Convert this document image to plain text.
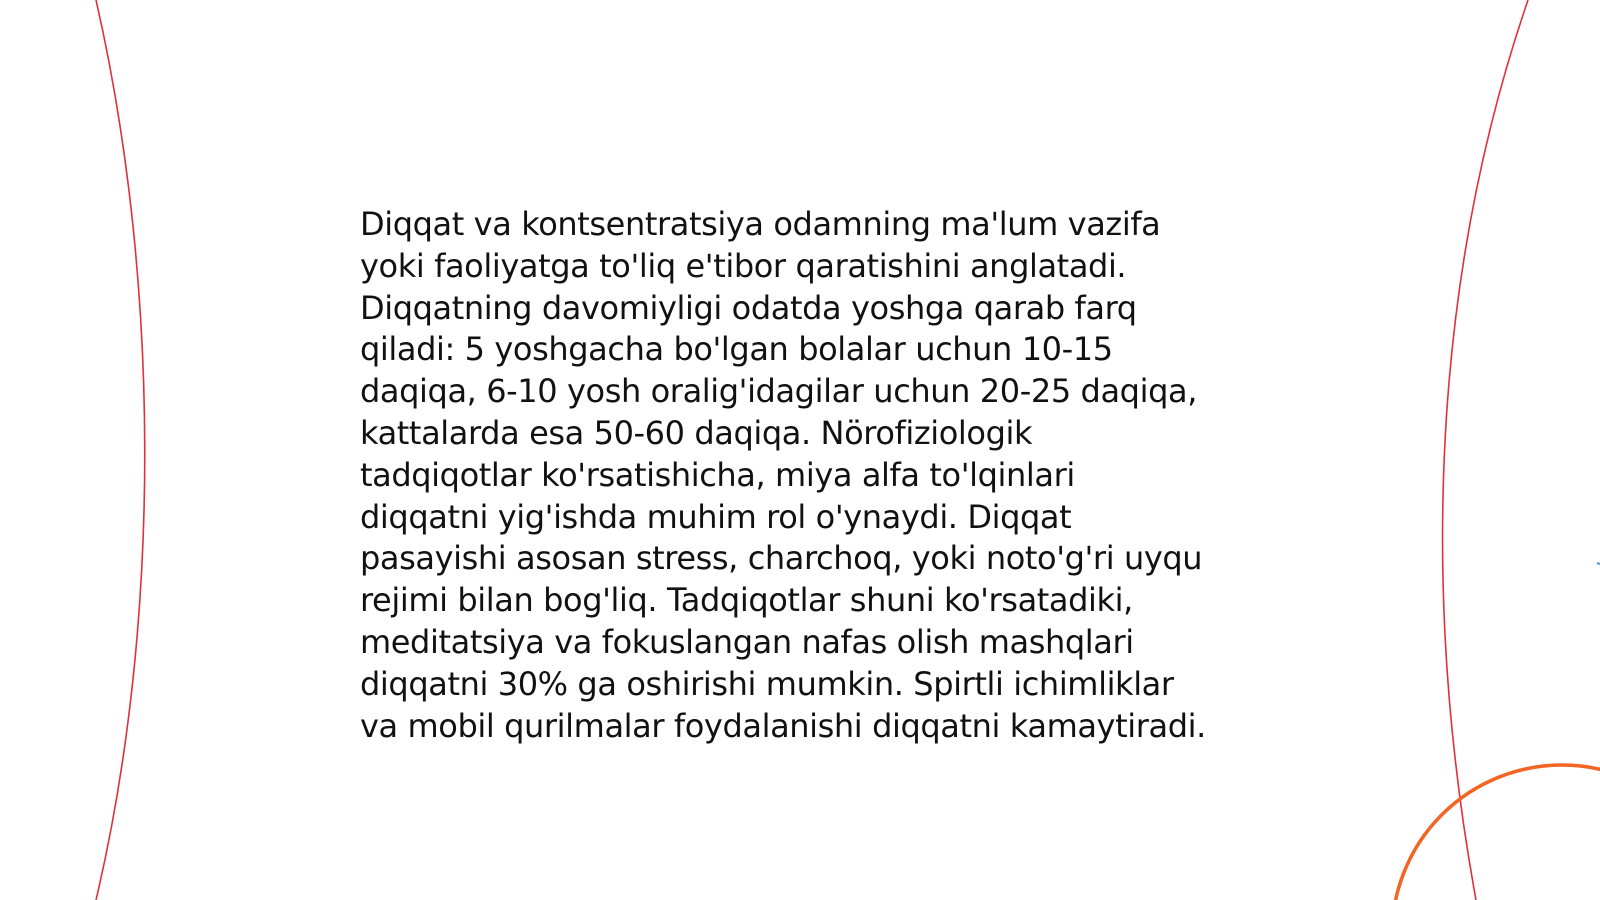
Diqqat va kontsentratsiya odamning ma'lum vazifa
yoki faoliyatga to'liq e'tibor qaratishini anglatadi.
Diqqatning davomiyligi odatda yoshga qarab farq
qiladi: 5 yoshgacha bo'lgan bolalar uchun 10-15
daqiqa, 6-10 yosh oralig'idagilar uchun 20-25 daqiqa,
kattalarda esa 50-60 daqiqa. Nörofiziologik
tadqiqotlar ko'rsatishicha, miya alfa to'lqinlari
diqqatni yig'ishda muhim rol o'ynaydi. Diqqat
pasayishi asosan stress, charchoq, yoki noto'g'ri uyqu
rejimi bilan bog'liq. Tadqiqotlar shuni ko'rsatadiki,
meditatsiya va fokuslangan nafas olish mashqlari
diqqatni 30% ga oshirishi mumkin. Spirtli ichimliklar
va mobil qurilmalar foydalanishi diqqatni kamaytiradi.
